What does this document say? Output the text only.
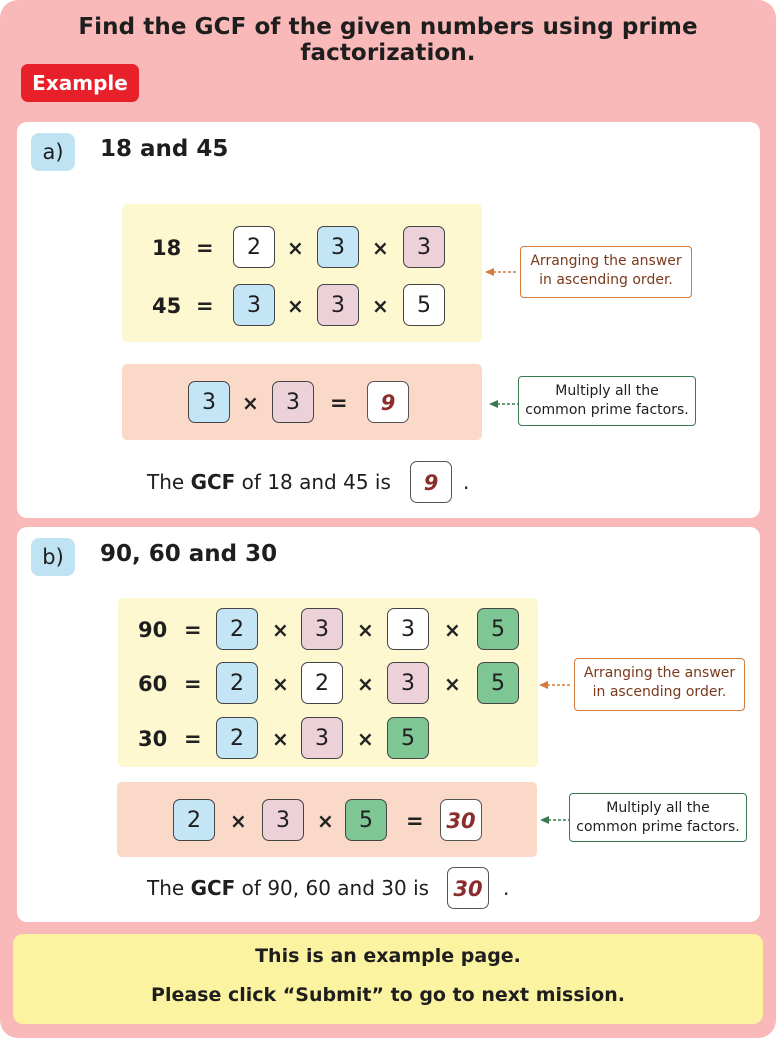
Find the GCF of the given numbers using prime factorization.
Example
a)	18 and 45
18 =	2	×	3	×	3
45 =	3	×	3	×	5
Arranging the answer
in ascending order.
3	×	3	=	9	Multiply all the
common prime factors.
The GCF of 18 and 45 is	9	.
b)	90, 60 and 30
90 =	2	×	3	×	3	×	5
60 =	2	×	2	×	3	×	5
30 =	2	×	3	×	5
Arranging the answer
in ascending order.
2	×	3	×	5	=	30
Multiply all the
common prime factors.
The GCF of 90, 60 and 30 is	30	.
This is an example page.
Please click “Submit” to go to next mission.
